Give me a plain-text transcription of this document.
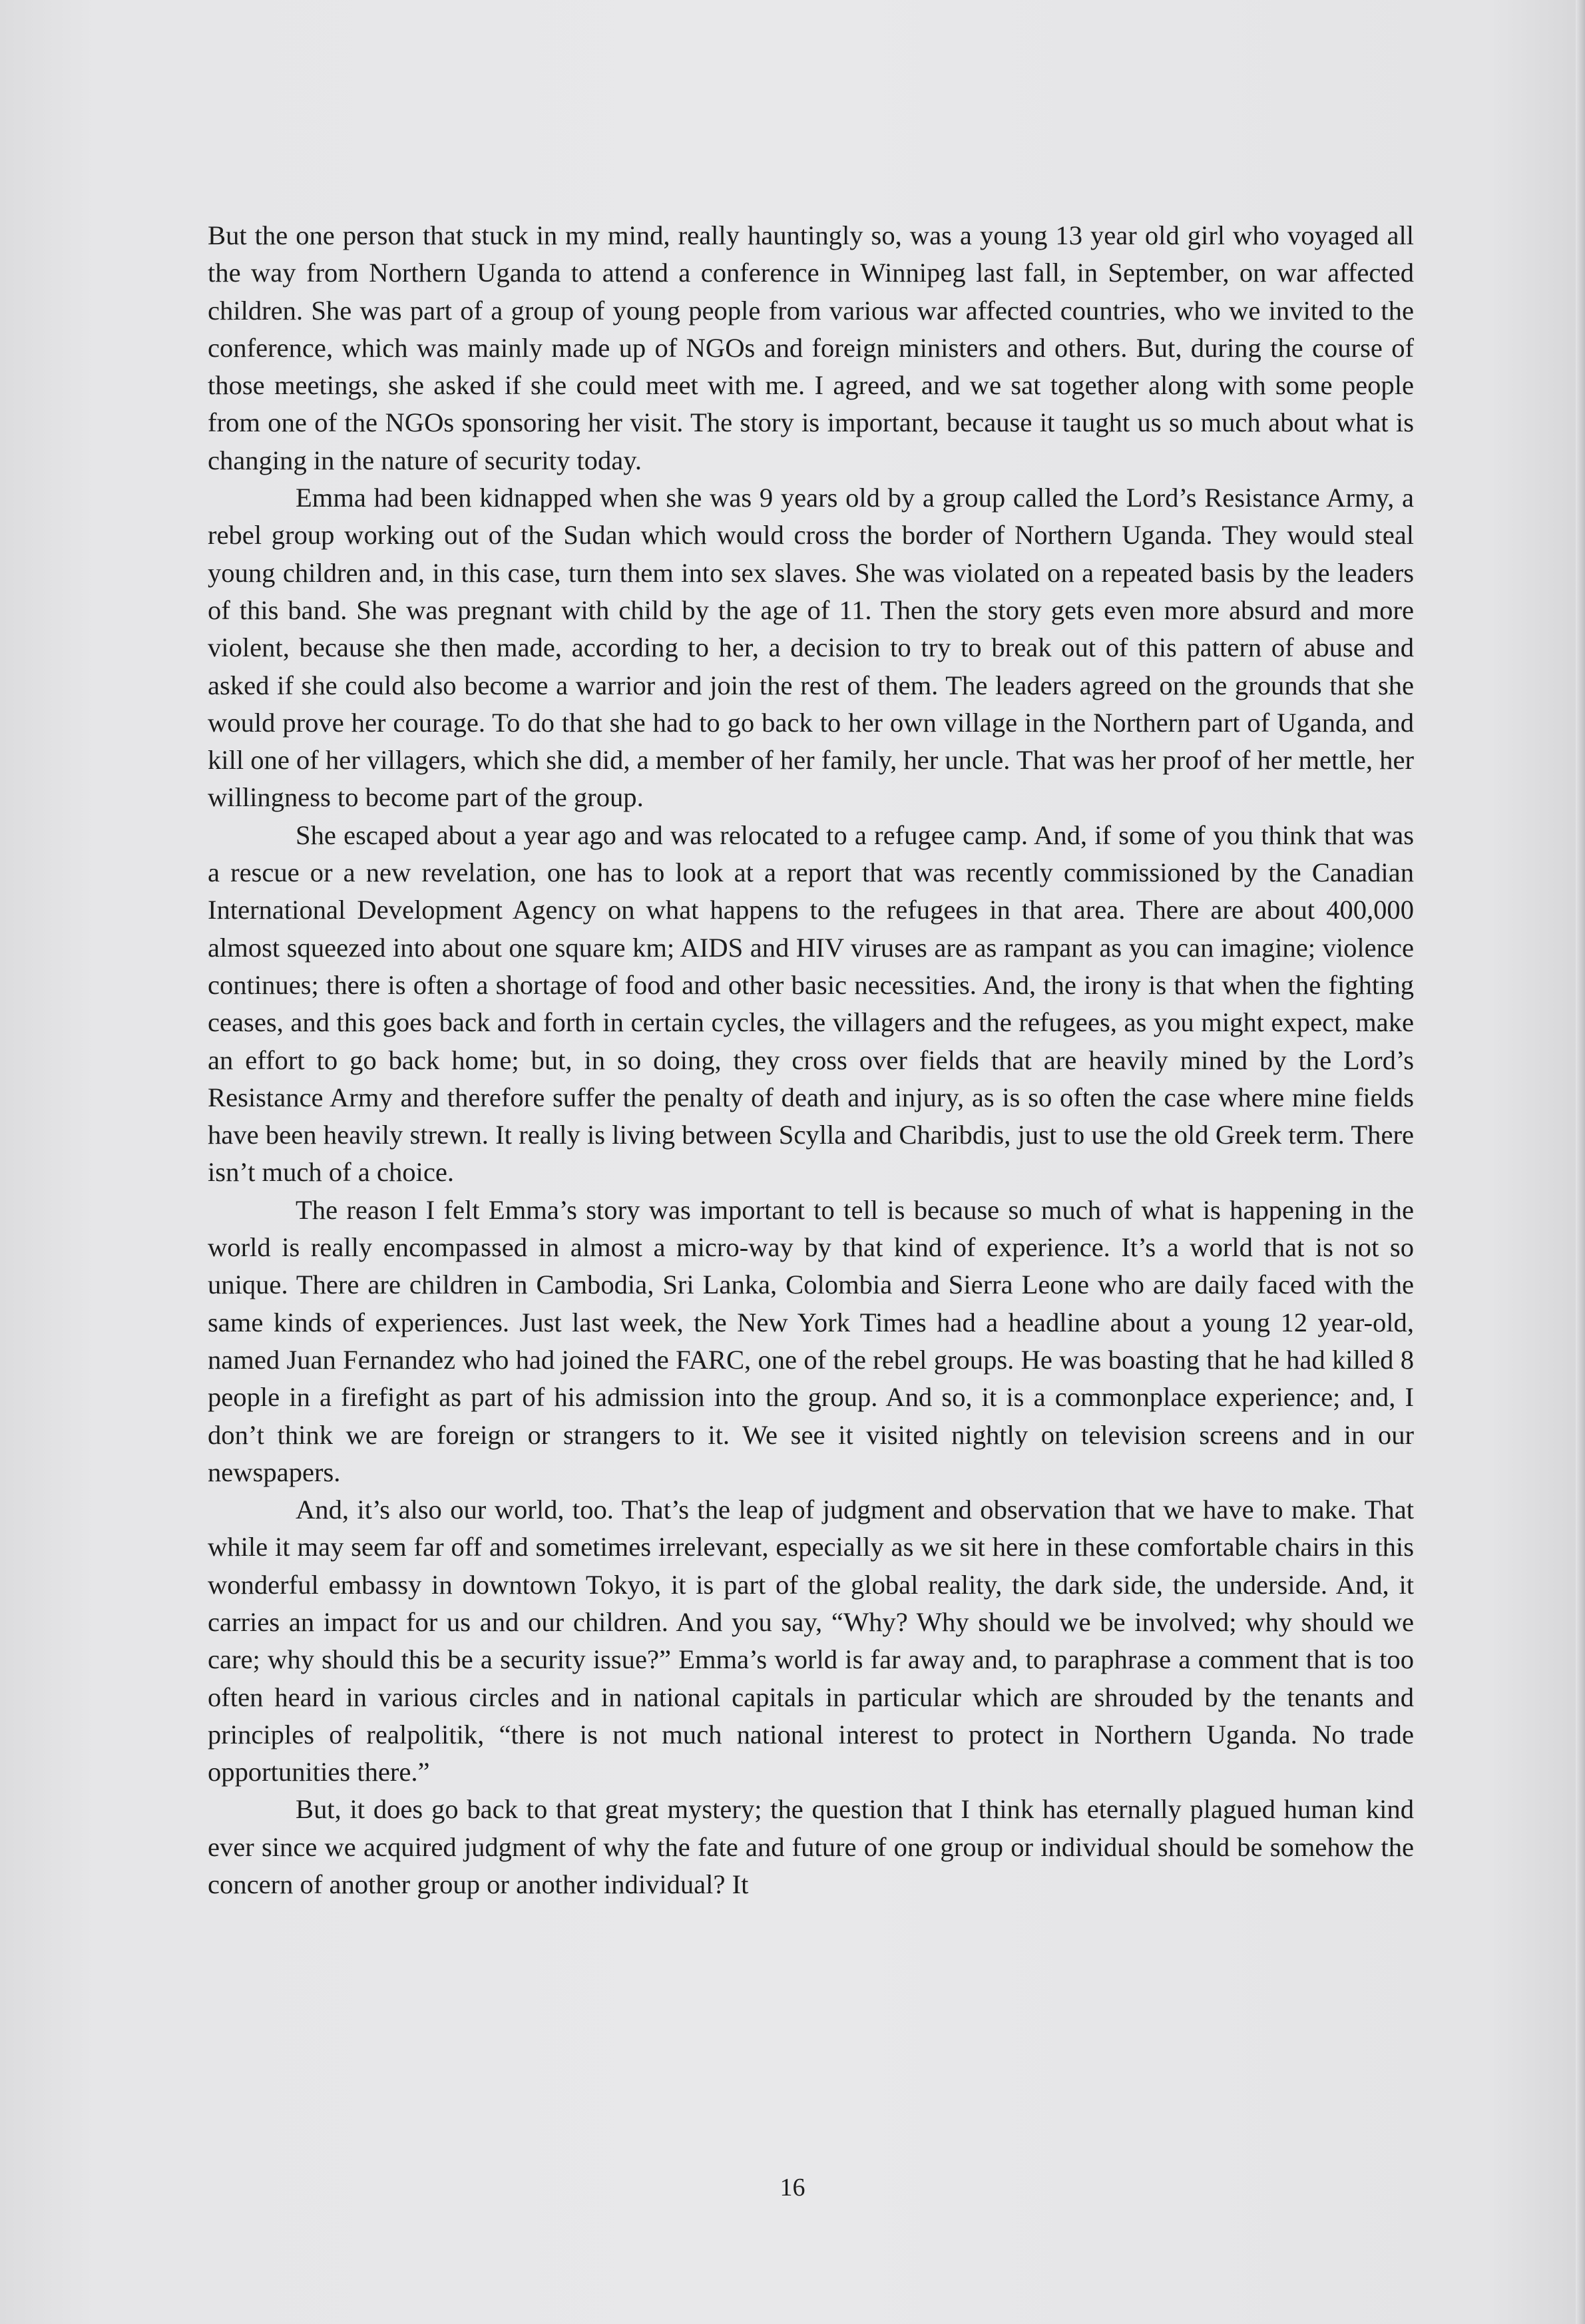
But the one person that stuck in my mind, really hauntingly so, was a young 13 year old girl who voyaged all the way from Northern Uganda to attend a conference in Winnipeg last fall, in September, on war affected children. She was part of a group of young people from various war affected countries, who we invited to the conference, which was mainly made up of NGOs and foreign ministers and others. But, during the course of those meetings, she asked if she could meet with me. I agreed, and we sat together along with some people from one of the NGOs sponsoring her visit. The story is important, because it taught us so much about what is changing in the nature of security today.

Emma had been kidnapped when she was 9 years old by a group called the Lord’s Resistance Army, a rebel group working out of the Sudan which would cross the border of Northern Uganda. They would steal young children and, in this case, turn them into sex slaves. She was violated on a repeated basis by the leaders of this band. She was pregnant with child by the age of 11. Then the story gets even more absurd and more violent, because she then made, according to her, a decision to try to break out of this pattern of abuse and asked if she could also become a warrior and join the rest of them. The leaders agreed on the grounds that she would prove her courage. To do that she had to go back to her own village in the Northern part of Uganda, and kill one of her villagers, which she did, a member of her family, her uncle. That was her proof of her mettle, her willingness to become part of the group.

She escaped about a year ago and was relocated to a refugee camp. And, if some of you think that was a rescue or a new revelation, one has to look at a report that was recently commissioned by the Canadian International Development Agency on what happens to the refugees in that area. There are about 400,000 almost squeezed into about one square km; AIDS and HIV viruses are as rampant as you can imagine; violence continues; there is often a shortage of food and other basic necessities. And, the irony is that when the fighting ceases, and this goes back and forth in certain cycles, the villagers and the refugees, as you might expect, make an effort to go back home; but, in so doing, they cross over fields that are heavily mined by the Lord’s Resistance Army and therefore suffer the penalty of death and injury, as is so often the case where mine fields have been heavily strewn. It really is living between Scylla and Charibdis, just to use the old Greek term. There isn’t much of a choice.

The reason I felt Emma’s story was important to tell is because so much of what is happening in the world is really encompassed in almost a micro-way by that kind of experience. It’s a world that is not so unique. There are children in Cambodia, Sri Lanka, Colombia and Sierra Leone who are daily faced with the same kinds of experiences. Just last week, the New York Times had a headline about a young 12 year-old, named Juan Fernandez who had joined the FARC, one of the rebel groups. He was boasting that he had killed 8 people in a firefight as part of his admission into the group. And so, it is a commonplace experience; and, I don’t think we are foreign or strangers to it. We see it visited nightly on television screens and in our newspapers.

And, it’s also our world, too. That’s the leap of judgment and observation that we have to make. That while it may seem far off and sometimes irrelevant, especially as we sit here in these comfortable chairs in this wonderful embassy in downtown Tokyo, it is part of the global reality, the dark side, the underside. And, it carries an impact for us and our children. And you say, “Why? Why should we be involved; why should we care; why should this be a security issue?” Emma’s world is far away and, to paraphrase a comment that is too often heard in various circles and in national capitals in particular which are shrouded by the tenants and principles of realpolitik, “there is not much national interest to protect in Northern Uganda. No trade opportunities there.”

But, it does go back to that great mystery; the question that I think has eternally plagued human kind ever since we acquired judgment of why the fate and future of one group or individual should be somehow the concern of another group or another individual? It

16
